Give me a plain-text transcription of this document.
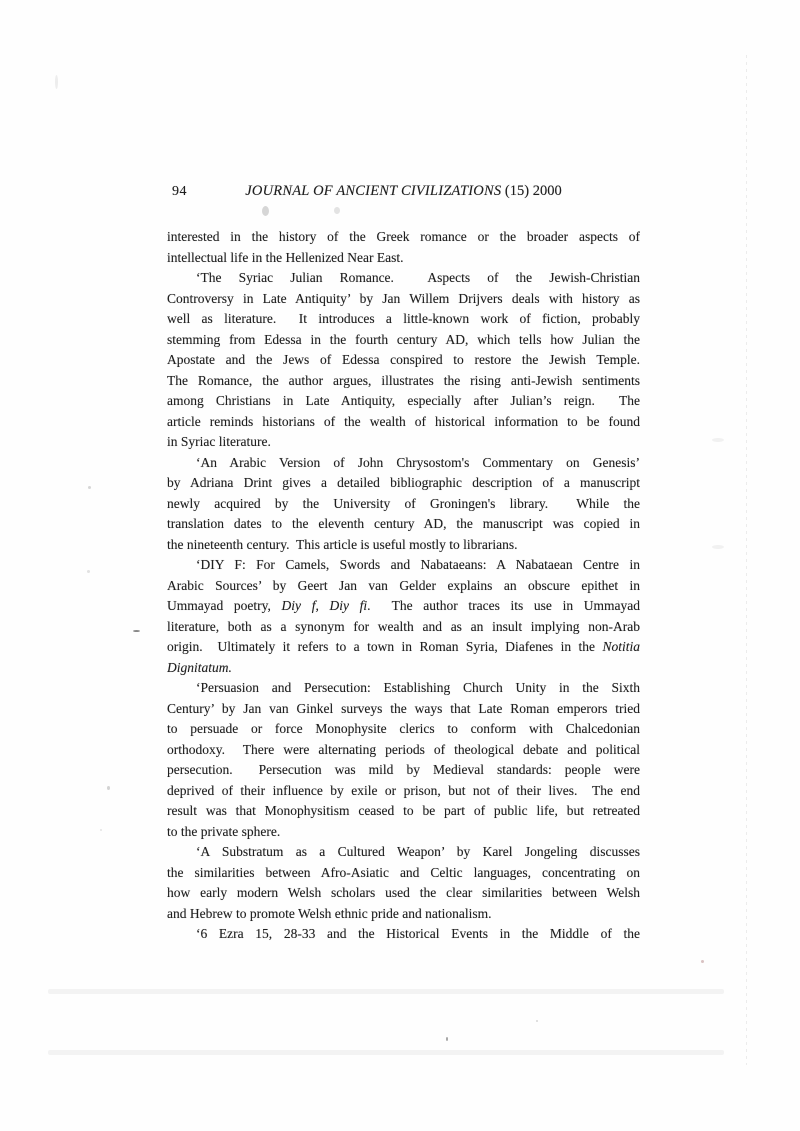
94	JOURNAL OF ANCIENT CIVILIZATIONS (15) 2000
interested in the history of the Greek romance or the broader aspects of
intellectual life in the Hellenized Near East.
‘The Syriac Julian Romance.  Aspects of the Jewish-Christian
Controversy in Late Antiquity’ by Jan Willem Drijvers deals with history as
well as literature.  It introduces a little-known work of fiction, probably
stemming from Edessa in the fourth century AD, which tells how Julian the
Apostate and the Jews of Edessa conspired to restore the Jewish Temple.
The Romance, the author argues, illustrates the rising anti-Jewish sentiments
among Christians in Late Antiquity, especially after Julian’s reign.  The
article reminds historians of the wealth of historical information to be found
in Syriac literature.
‘An Arabic Version of John Chrysostom's Commentary on Genesis’
by Adriana Drint gives a detailed bibliographic description of a manuscript
newly acquired by the University of Groningen's library.  While the
translation dates to the eleventh century AD, the manuscript was copied in
the nineteenth century.  This article is useful mostly to librarians.
‘DIY F: For Camels, Swords and Nabataeans: A Nabataean Centre in
Arabic Sources’ by Geert Jan van Gelder explains an obscure epithet in
Ummayad poetry, Diy f, Diy fi.  The author traces its use in Ummayad
literature, both as a synonym for wealth and as an insult implying non-Arab
origin.  Ultimately it refers to a town in Roman Syria, Diafenes in the Notitia
Dignitatum.
‘Persuasion and Persecution: Establishing Church Unity in the Sixth
Century’ by Jan van Ginkel surveys the ways that Late Roman emperors tried
to persuade or force Monophysite clerics to conform with Chalcedonian
orthodoxy.  There were alternating periods of theological debate and political
persecution.  Persecution was mild by Medieval standards: people were
deprived of their influence by exile or prison, but not of their lives.  The end
result was that Monophysitism ceased to be part of public life, but retreated
to the private sphere.
‘A Substratum as a Cultured Weapon’ by Karel Jongeling discusses
the similarities between Afro-Asiatic and Celtic languages, concentrating on
how early modern Welsh scholars used the clear similarities between Welsh
and Hebrew to promote Welsh ethnic pride and nationalism.
‘6 Ezra 15, 28-33 and the Historical Events in the Middle of the
